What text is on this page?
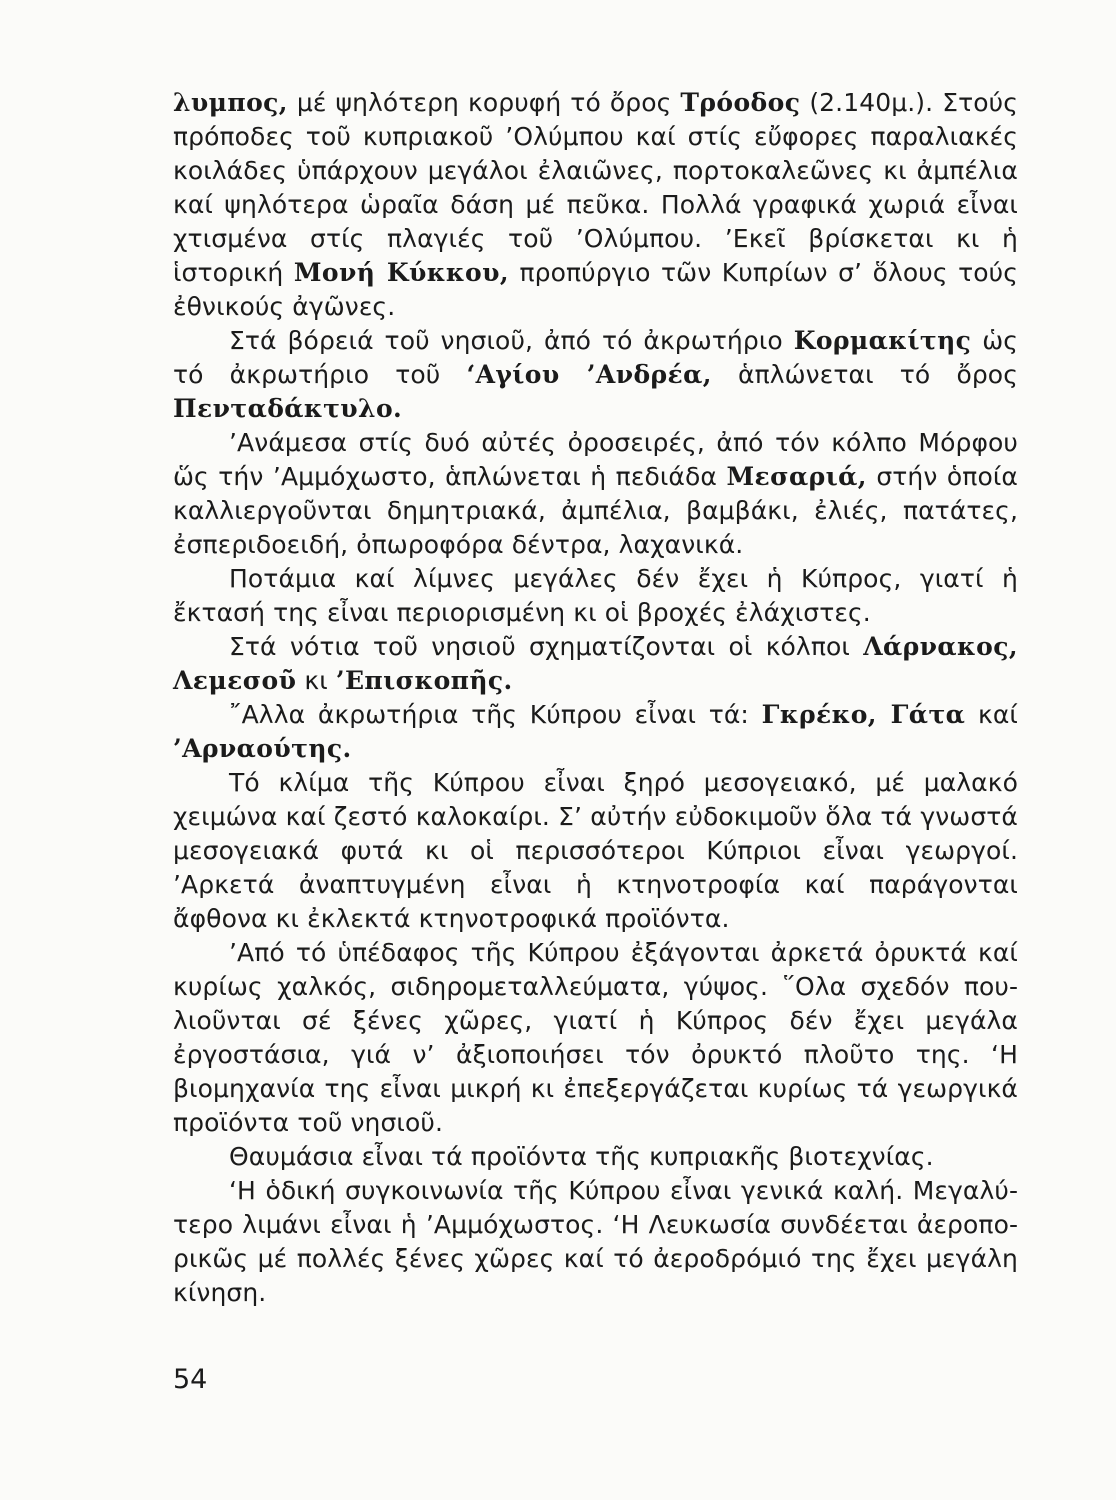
λυμπος, μέ ψηλότερη κορυφή τό ὄρος Τρόοδος (2.140μ.). Στούς πρόποδες τοῦ κυπριακοῦ ’Ολύμπου καί στίς εὔφορες παραλιακές κοιλάδες ὑπάρχουν μεγάλοι ἐλαιῶνες, πορτοκαλεῶνες κι ἀμπέλια καί ψηλότερα ὡραῖα δάση μέ πεῦκα. Πολλά γραφικά χωριά εἶναι χτισμένα στίς πλαγιές τοῦ ’Ολύμπου. ’Εκεῖ βρίσκεται κι ἡ ἱστορική Μονή Κύκκου, προπύργιο τῶν Κυπρίων σ’ ὅλους τούς ἐθνικούς ἀγῶνες.

Στά βόρειά τοῦ νησιοῦ, ἀπό τό ἀκρωτήριο Κορμακίτης ὡς τό ἀκρωτήριο τοῦ ‘Αγίου ’Ανδρέα, ἁπλώνεται τό ὄρος Πενταδάκτυλο.

’Ανάμεσα στίς δυό αὐτές ὀροσειρές, ἀπό τόν κόλπο Μόρφου ὥς τήν ’Αμμόχωστο, ἁπλώνεται ἡ πεδιάδα Μεσαριά, στήν ὁποία καλλιεργοῦνται δημητριακά, ἀμπέλια, βαμβάκι, ἐλιές, πατάτες, ἐσπεριδοειδή, ὀπωροφόρα δέντρα, λαχανικά.

Ποτάμια καί λίμνες μεγάλες δέν ἔχει ἡ Κύπρος, γιατί ἡ ἔκτασή της εἶναι περιορισμένη κι οἱ βροχές ἐλάχιστες.

Στά νότια τοῦ νησιοῦ σχηματίζονται οἱ κόλποι Λάρνακος, Λεμεσοῦ κι ’Επισκοπῆς.

῎Αλλα ἀκρωτήρια τῆς Κύπρου εἶναι τά: Γκρέκο, Γάτα καί ’Αρναούτης.

Τό κλίμα τῆς Κύπρου εἶναι ξηρό μεσογειακό, μέ μαλακό χειμώνα καί ζεστό καλοκαίρι. Σ’ αὐτήν εὐδοκιμοῦν ὅλα τά γνωστά μεσογειακά φυτά κι οἱ περισσότεροι Κύπριοι εἶναι γεωργοί. ’Αρκετά ἀναπτυγμένη εἶναι ἡ κτηνοτροφία καί παράγονται ἄφθονα κι ἐκλεκτά κτηνοτροφικά προϊόντα.

’Από τό ὑπέδαφος τῆς Κύπρου ἐξάγονται ἀρκετά ὀρυκτά καί κυρίως χαλκός, σιδηρομεταλλεύματα, γύψος. ῞Ολα σχεδόν πουλιοῦνται σέ ξένες χῶρες, γιατί ἡ Κύπρος δέν ἔχει μεγάλα ἐργοστάσια, γιά ν’ ἀξιοποιήσει τόν ὀρυκτό πλοῦτο της. ‘Η βιομηχανία της εἶναι μικρή κι ἐπεξεργάζεται κυρίως τά γεωργικά προϊόντα τοῦ νησιοῦ.

Θαυμάσια εἶναι τά προϊόντα τῆς κυπριακῆς βιοτεχνίας.

‘Η ὁδική συγκοινωνία τῆς Κύπρου εἶναι γενικά καλή. Μεγαλύτερο λιμάνι εἶναι ἡ ’Αμμόχωστος. ‘Η Λευκωσία συνδέεται ἀεροπορικῶς μέ πολλές ξένες χῶρες καί τό ἀεροδρόμιό της ἔχει μεγάλη κίνηση.

54
